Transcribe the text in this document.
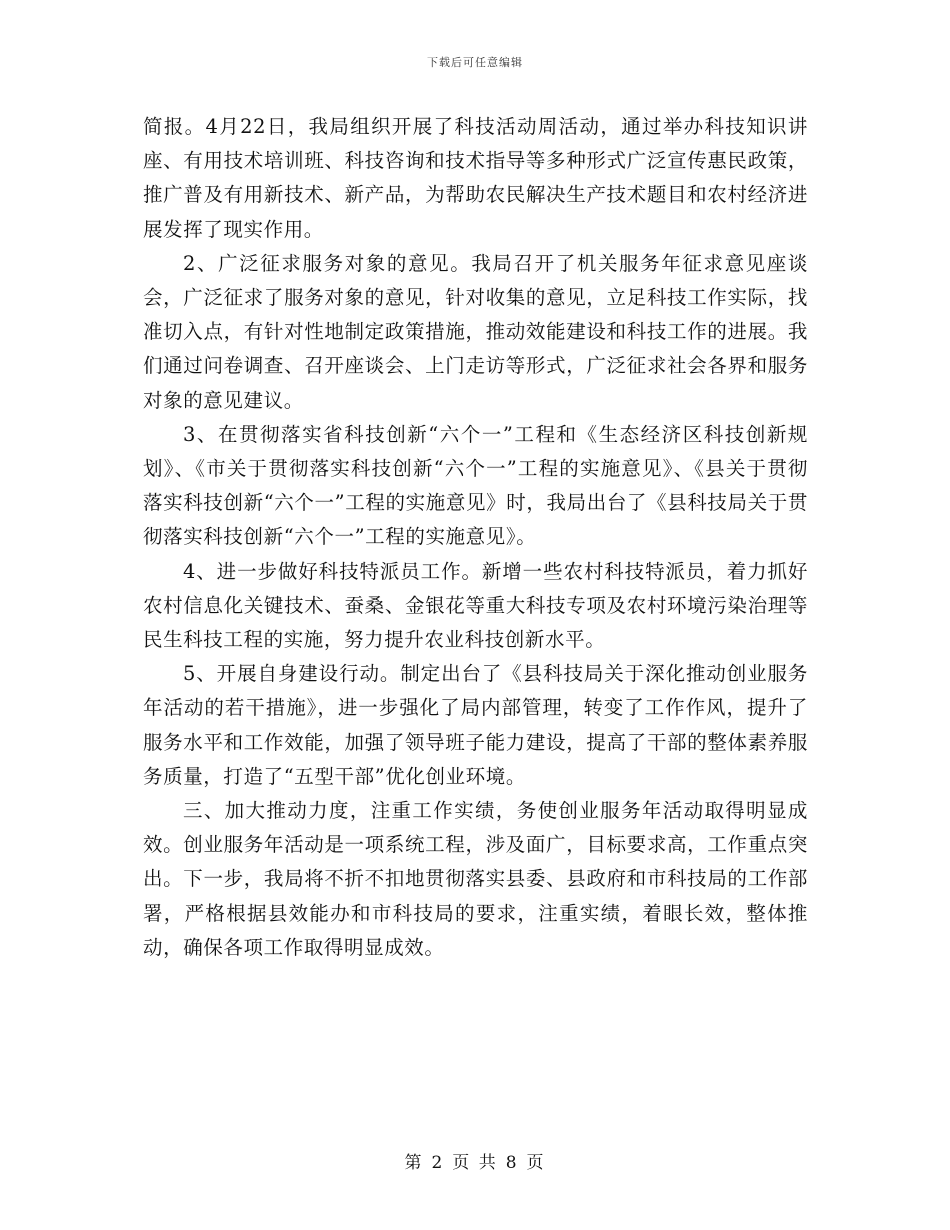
下载后可任意编辑

简报。4月22日，我局组织开展了科技活动周活动，通过举办科技知识讲座、有用技术培训班、科技咨询和技术指导等多种形式广泛宣传惠民政策，推广普及有用新技术、新产品，为帮助农民解决生产技术题目和农村经济进展发挥了现实作用。

2、广泛征求服务对象的意见。我局召开了机关服务年征求意见座谈会，广泛征求了服务对象的意见，针对收集的意见，立足科技工作实际，找准切入点，有针对性地制定政策措施，推动效能建设和科技工作的进展。我们通过问卷调查、召开座谈会、上门走访等形式，广泛征求社会各界和服务对象的意见建议。

3、在贯彻落实省科技创新“六个一”工程和《生态经济区科技创新规划》、《市关于贯彻落实科技创新“六个一”工程的实施意见》、《县关于贯彻落实科技创新“六个一”工程的实施意见》时，我局出台了《县科技局关于贯彻落实科技创新“六个一”工程的实施意见》。

4、进一步做好科技特派员工作。新增一些农村科技特派员，着力抓好农村信息化关键技术、蚕桑、金银花等重大科技专项及农村环境污染治理等民生科技工程的实施，努力提升农业科技创新水平。

5、开展自身建设行动。制定出台了《县科技局关于深化推动创业服务年活动的若干措施》，进一步强化了局内部管理，转变了工作作风，提升了服务水平和工作效能，加强了领导班子能力建设，提高了干部的整体素养服务质量，打造了“五型干部”优化创业环境。

三、加大推动力度，注重工作实绩，务使创业服务年活动取得明显成效。创业服务年活动是一项系统工程，涉及面广，目标要求高，工作重点突出。下一步，我局将不折不扣地贯彻落实县委、县政府和市科技局的工作部署，严格根据县效能办和市科技局的要求，注重实绩，着眼长效，整体推动，确保各项工作取得明显成效。

第 2 页 共 8 页
